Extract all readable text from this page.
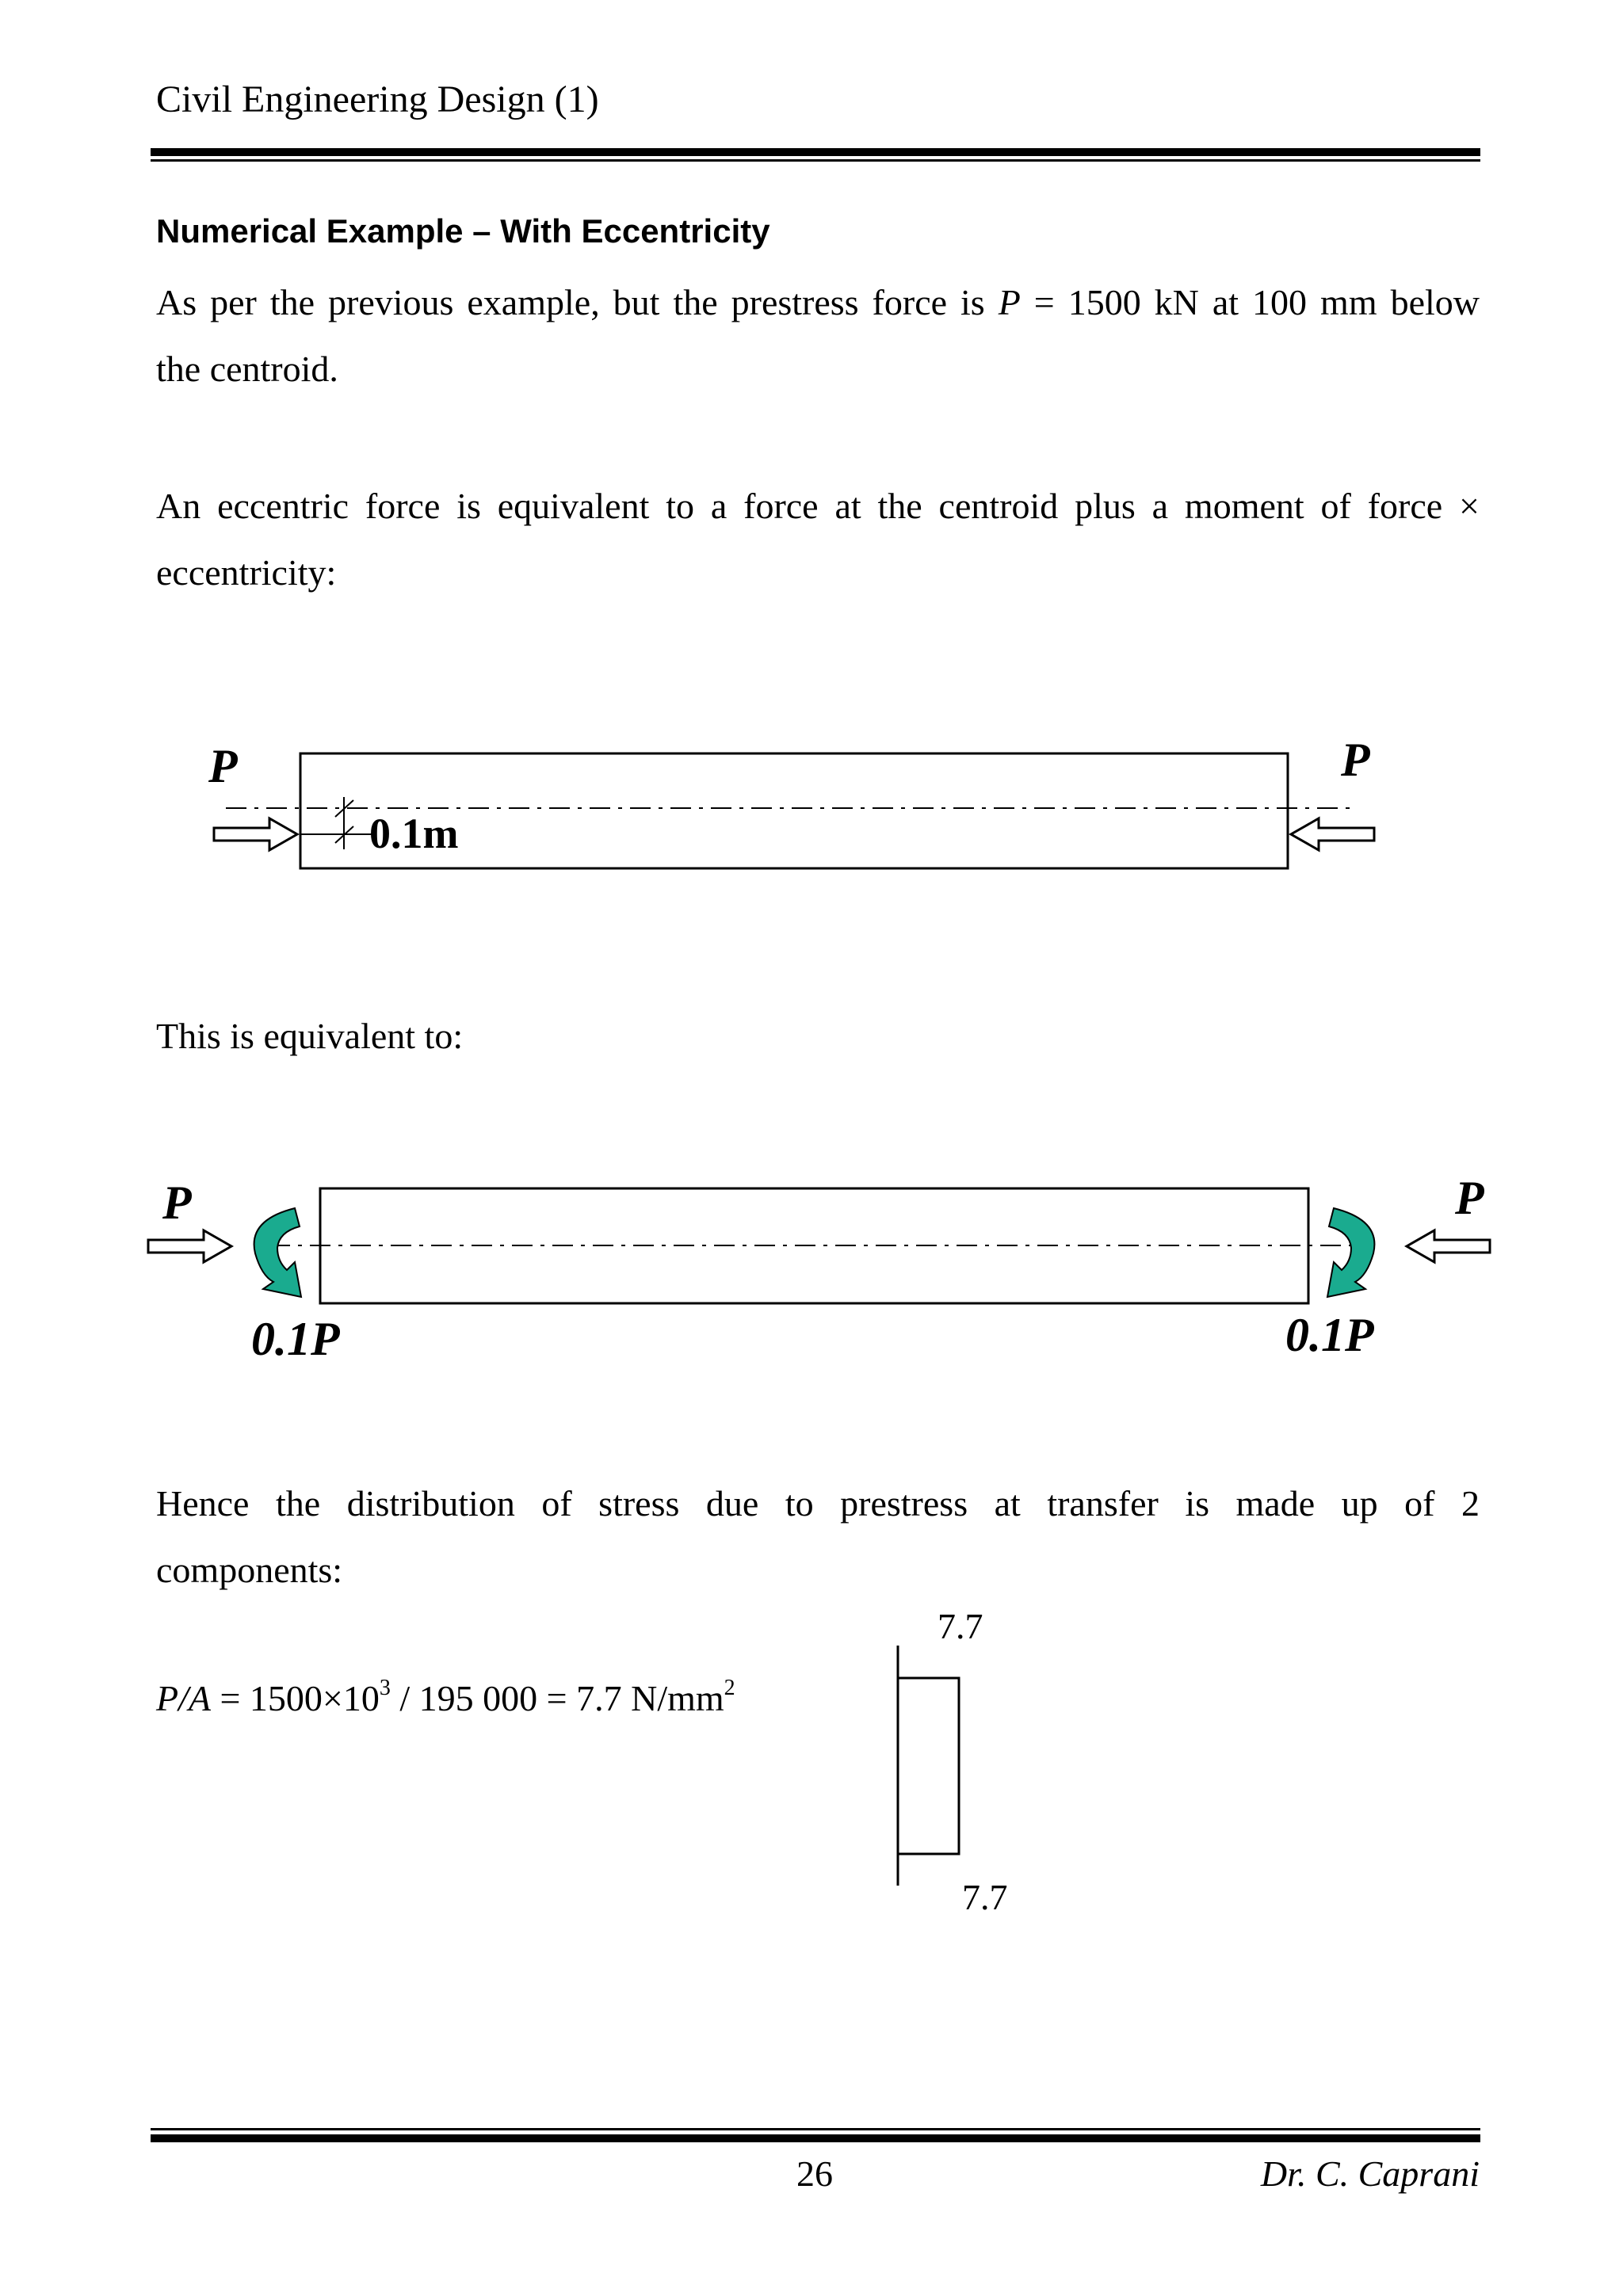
Civil Engineering Design (1)
Numerical Example – With Eccentricity
As per the previous example, but the prestress force is P = 1500 kN at 100 mm below
the centroid.
An eccentric force is equivalent to a force at the centroid plus a moment of force ×
eccentricity:
P	P
0.1m
This is equivalent to:
P	P
0.1P	0.1P
Hence the distribution of stress due to prestress at transfer is made up of 2
components:
$P/A = 1500\times 10^3 / 195$ 000 = 7.7 $N/mm^2$
7.7
7.7
26	Dr. C. Caprani
